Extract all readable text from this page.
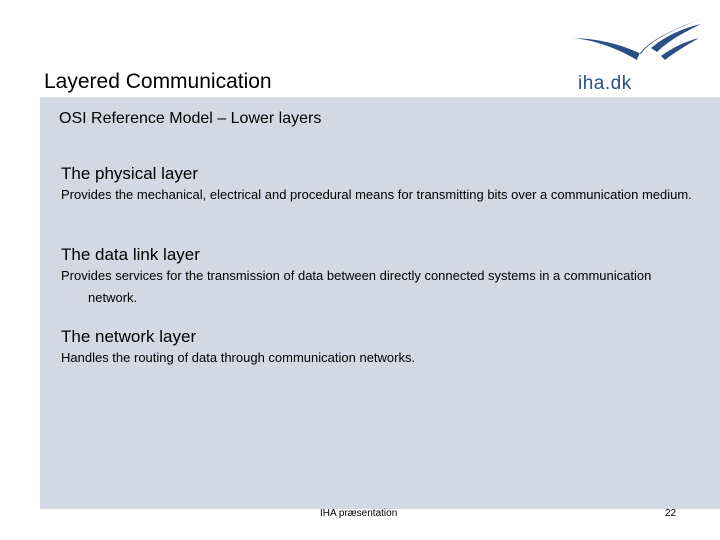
iha.dk
Layered Communication
OSI Reference Model – Lower layers
The physical layer
Provides the mechanical, electrical and procedural means for transmitting bits over a communication medium.
The data link layer
Provides services for the transmission of data between directly connected systems in a communication network.
The network layer
Handles the routing of data through communication networks.
IHA præsentation	22
